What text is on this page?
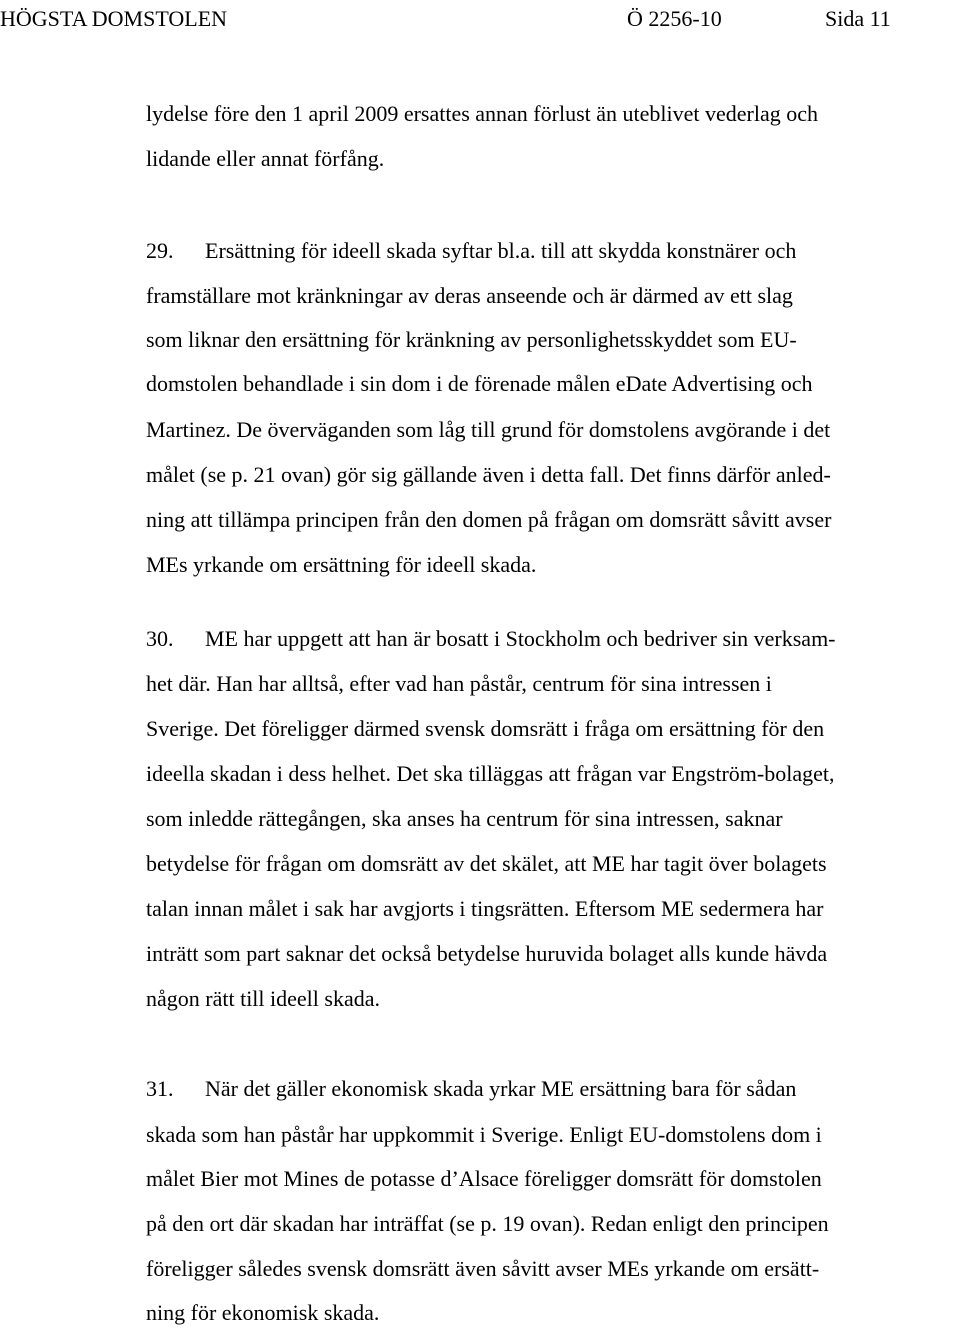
HÖGSTA DOMSTOLEN	Ö 2256-10	Sida 11
lydelse före den 1 april 2009 ersattes annan förlust än uteblivet vederlag och
lidande eller annat förfång.
29. Ersättning för ideell skada syftar bl.a. till att skydda konstnärer och
framställare mot kränkningar av deras anseende och är därmed av ett slag
som liknar den ersättning för kränkning av personlighetsskyddet som EU-
domstolen behandlade i sin dom i de förenade målen eDate Advertising och
Martinez. De överväganden som låg till grund för domstolens avgörande i det
målet (se p. 21 ovan) gör sig gällande även i detta fall. Det finns därför anled-
ning att tillämpa principen från den domen på frågan om domsrätt såvitt avser
MEs yrkande om ersättning för ideell skada.
30. ME har uppgett att han är bosatt i Stockholm och bedriver sin verksam-
het där. Han har alltså, efter vad han påstår, centrum för sina intressen i
Sverige. Det föreligger därmed svensk domsrätt i fråga om ersättning för den
ideella skadan i dess helhet. Det ska tilläggas att frågan var Engström-bolaget,
som inledde rättegången, ska anses ha centrum för sina intressen, saknar
betydelse för frågan om domsrätt av det skälet, att ME har tagit över bolagets
talan innan målet i sak har avgjorts i tingsrätten. Eftersom ME sedermera har
inträtt som part saknar det också betydelse huruvida bolaget alls kunde hävda
någon rätt till ideell skada.
31. När det gäller ekonomisk skada yrkar ME ersättning bara för sådan
skada som han påstår har uppkommit i Sverige. Enligt EU-domstolens dom i
målet Bier mot Mines de potasse d’Alsace föreligger domsrätt för domstolen
på den ort där skadan har inträffat (se p. 19 ovan). Redan enligt den principen
föreligger således svensk domsrätt även såvitt avser MEs yrkande om ersätt-
ning för ekonomisk skada.
